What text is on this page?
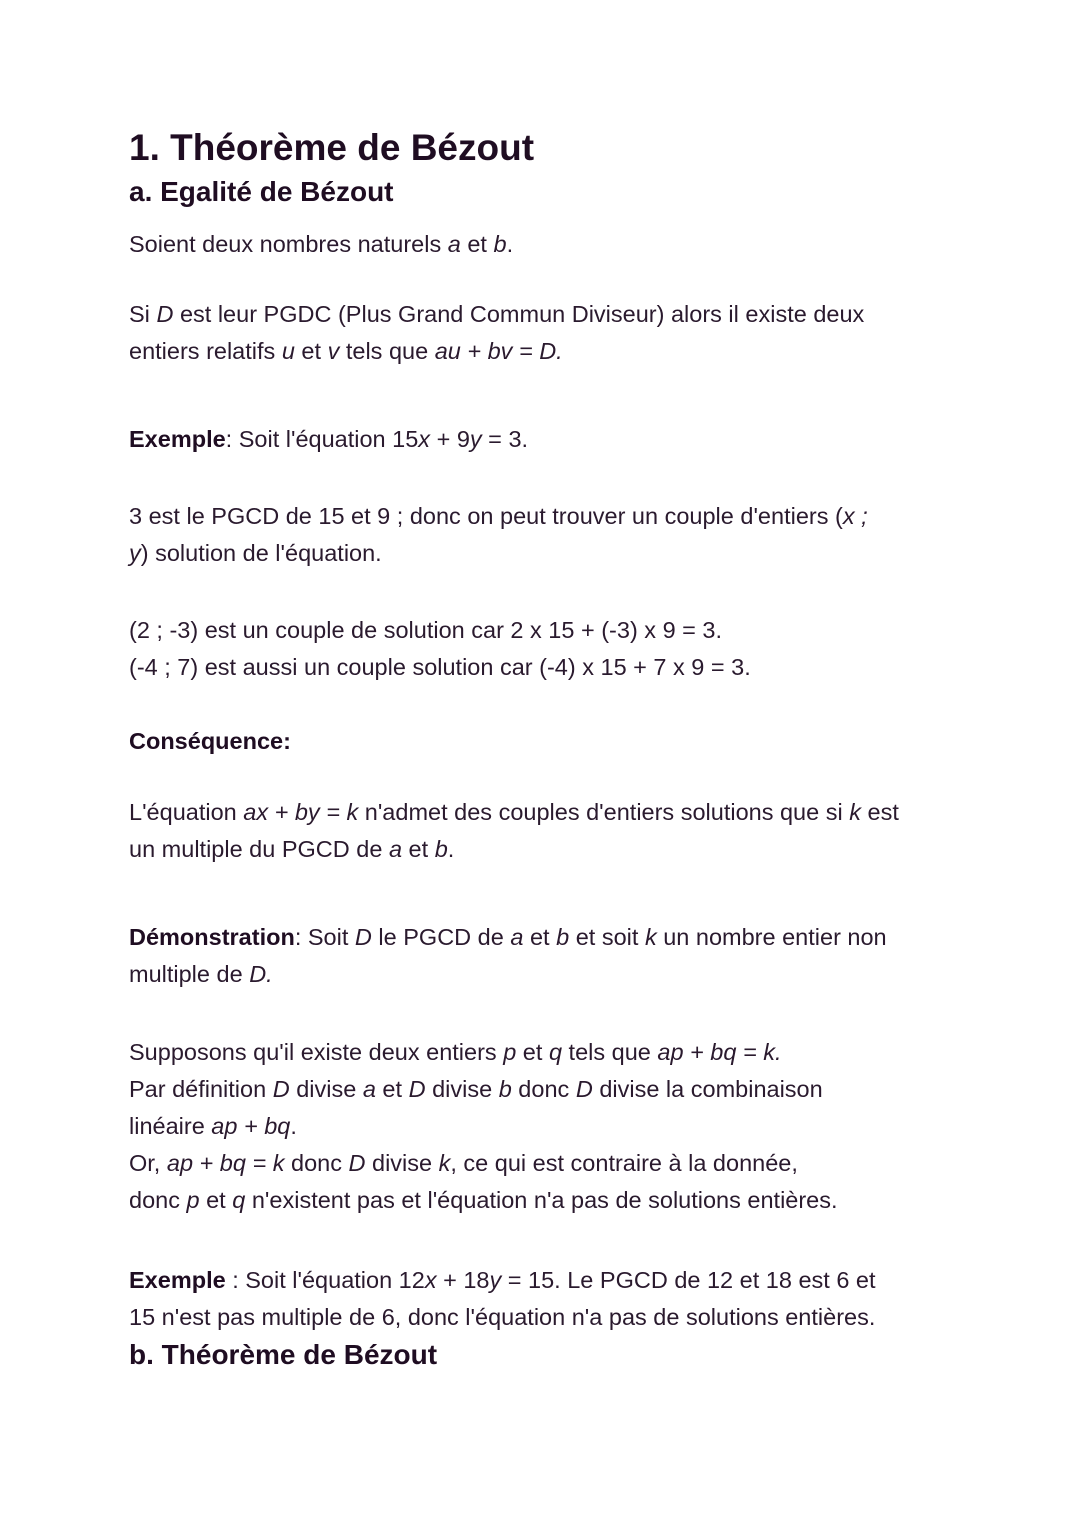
1. Théorème de Bézout
a. Egalité de Bézout
Soient deux nombres naturels a et b.
Si D est leur PGDC (Plus Grand Commun Diviseur) alors il existe deux
entiers relatifs u et v tels que au + bv = D.
Exemple: Soit l'équation 15x + 9y = 3.
3 est le PGCD de 15 et 9 ; donc on peut trouver un couple d'entiers (x ;
y) solution de l'équation.
(2 ; -3) est un couple de solution car 2 x 15 + (-3) x 9 = 3.
(-4 ; 7) est aussi un couple solution car (-4) x 15 + 7 x 9 = 3.
Conséquence:
L'équation ax + by = k n'admet des couples d'entiers solutions que si k est
un multiple du PGCD de a et b.
Démonstration: Soit D le PGCD de a et b et soit k un nombre entier non
multiple de D.
Supposons qu'il existe deux entiers p et q tels que ap + bq = k.
Par définition D divise a et D divise b donc D divise la combinaison
linéaire ap + bq.
Or, ap + bq = k donc D divise k, ce qui est contraire à la donnée,
donc p et q n'existent pas et l'équation n'a pas de solutions entières.
Exemple : Soit l'équation 12x + 18y = 15. Le PGCD de 12 et 18 est 6 et
15 n'est pas multiple de 6, donc l'équation n'a pas de solutions entières.
b. Théorème de Bézout
